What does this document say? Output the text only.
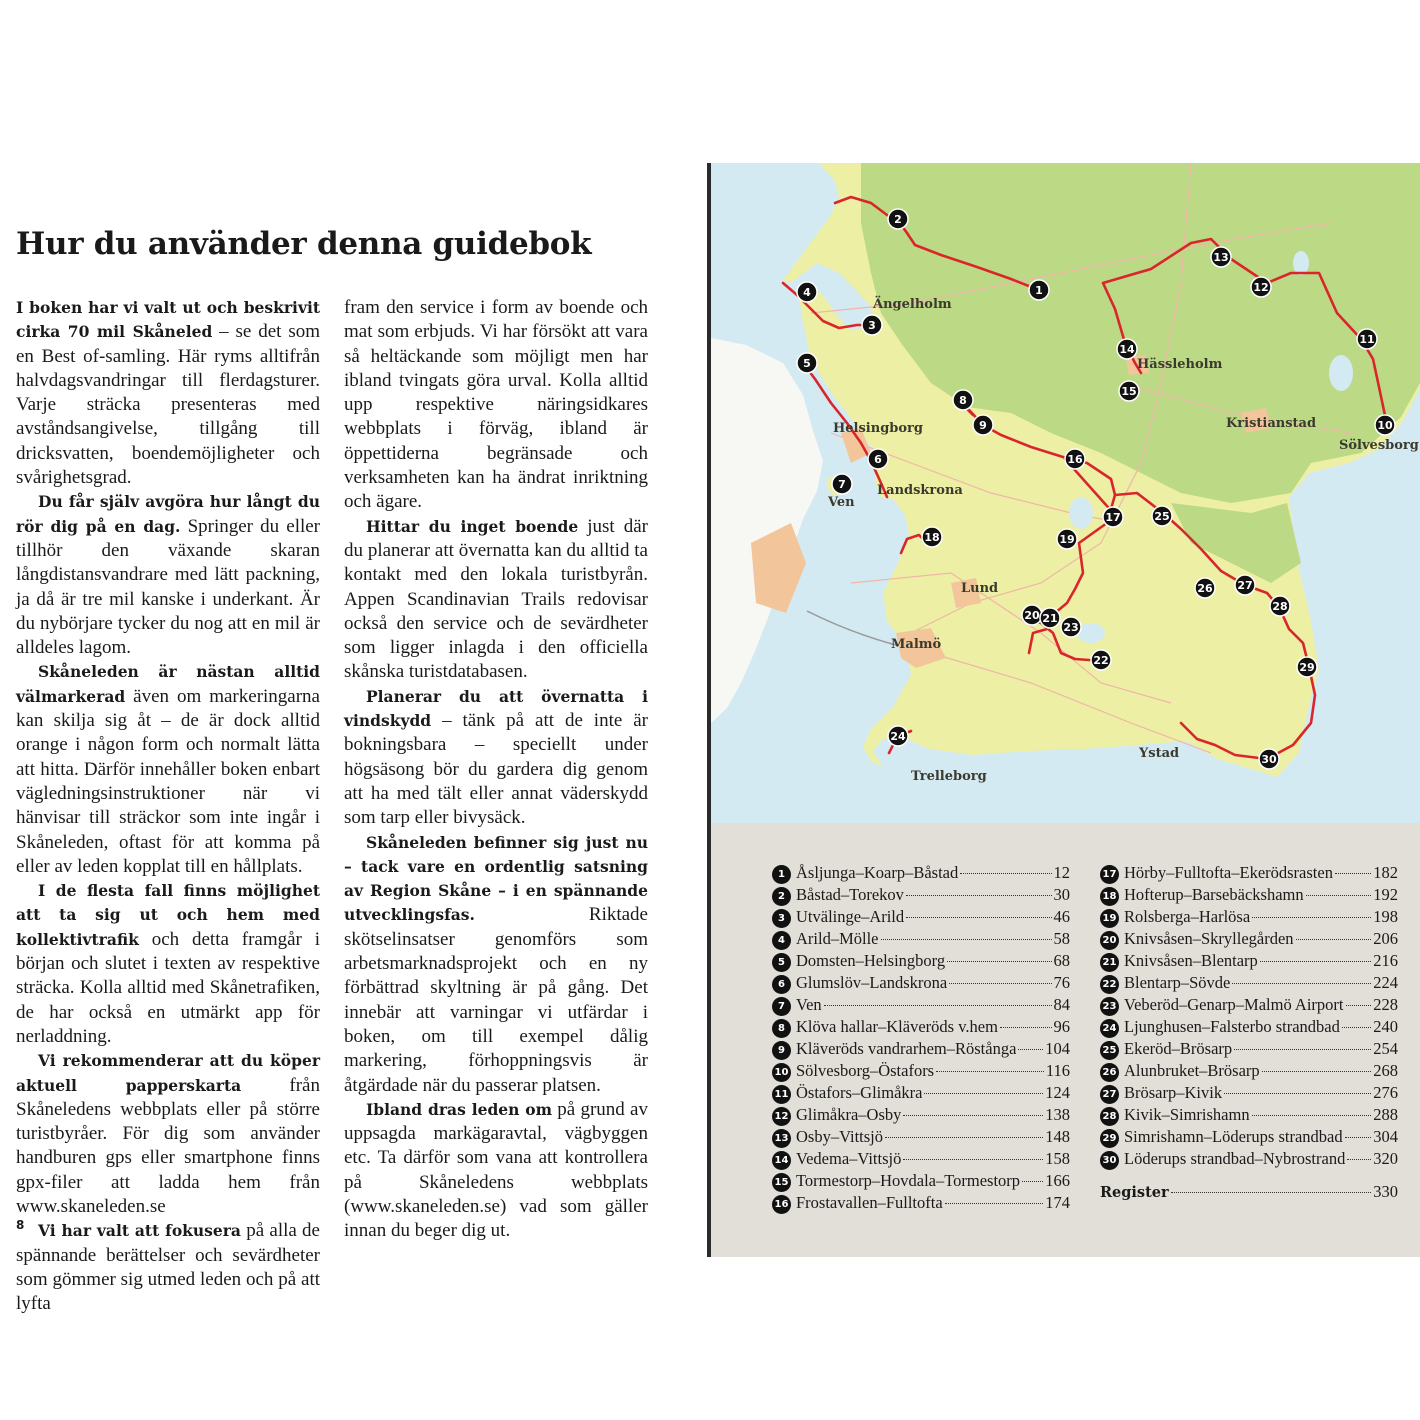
Hur du använder denna guidebok

I boken har vi valt ut och beskrivit cirka 70 mil Skåneled – se det som en Best of-samling. Här ryms alltifrån halvdagsvandringar till flerdagsturer. Varje sträcka presenteras med avståndsangivelse, tillgång till dricksvatten, boendemöjligheter och svårighetsgrad.

Du får själv avgöra hur långt du rör dig på en dag. Springer du eller tillhör den växande skaran långdistansvandrare med lätt packning, ja då är tre mil kanske i underkant. Är du nybörjare tycker du nog att en mil är alldeles lagom.

Skåneleden är nästan alltid välmarkerad även om markeringarna kan skilja sig åt – de är dock alltid orange i någon form och normalt lätta att hitta. Därför innehåller boken enbart vägledningsinstruktioner när vi hänvisar till sträckor som inte ingår i Skåneleden, oftast för att komma på eller av leden kopplat till en hållplats.

I de flesta fall finns möjlighet att ta sig ut och hem med kollektivtrafik och detta framgår i början och slutet i texten av respektive sträcka. Kolla alltid med Skånetrafiken, de har också en utmärkt app för nerladdning.

Vi rekommenderar att du köper aktuell papperskarta från Skåneledens webbplats eller på större turistbyråer. För dig som använder handburen gps eller smartphone finns gpx-filer att ladda hem från www.skaneleden.se

Vi har valt att fokusera på alla de spännande berättelser och sevärdheter som gömmer sig utmed leden och på att lyfta

fram den service i form av boende och mat som erbjuds. Vi har försökt att vara så heltäckande som möjligt men har ibland tvingats göra urval. Kolla alltid upp respektive näringsidkares webbplats i förväg, ibland är öppettiderna begränsade och verksamheten kan ha ändrat inriktning och ägare.

Hittar du inget boende just där du planerar att övernatta kan du alltid ta kontakt med den lokala turistbyrån. Appen Scandinavian Trails redovisar också den service och de sevärdheter som ligger inlagda i den officiella skånska turistdatabasen.

Planerar du att övernatta i vindskydd – tänk på att de inte är bokningsbara – speciellt under högsäsong bör du gardera dig genom att ha med tält eller annat väderskydd som tarp eller bivysäck.

Skåneleden befinner sig just nu – tack vare en ordentlig satsning av Region Skåne – i en spännande utvecklingsfas. Riktade skötselinsatser genomförs som arbetsmarknadsprojekt och en ny förbättrad skyltning är på gång. Det innebär att varningar vi utfärdar i boken, om till exempel dålig markering, förhoppningsvis är åtgärdade när du passerar platsen.

Ibland dras leden om på grund av uppsagda markägaravtal, vägbyggen etc. Ta därför som vana att kontrollera på Skåneledens webbplats (www.skaneleden.se) vad som gäller innan du beger dig ut.

8
Ängelholm
Hässleholm
Kristianstad
Sölvesborg
Helsingborg
Landskrona
Ven
Lund
Malmö
Ystad
Trelleborg
1
2
3
4
5
6
7
8
9	10
11
12
13
14
15
16
17
18	19
20 21
22
23
24
25
26 27
28
29
30
1 Åsljunga–Koarp–Båstad	12
2 Båstad–Torekov	30
3 Utvälinge–Arild	46
4 Arild–Mölle	58
5 Domsten–Helsingborg	68
6 Glumslöv–Landskrona	76
7 Ven	84
8 Klöva hallar–Kläveröds v.hem	96
9 Kläveröds vandrarhem–Röstånga 104
10 Sölvesborg–Östafors	116
11 Östafors–Glimåkra	124
12 Glimåkra–Osby	138
13 Osby–Vittsjö	148
14 Vedema–Vittsjö	158
15 Tormestorp–Hovdala–Tormestorp 166
16 Frostavallen–Fulltofta	174
17 Hörby–Fulltofta–Ekerödsrasten 182
18 Hofterup–Barsebäckshamn	192
19 Rolsberga–Harlösa	198
20 Knivsåsen–Skryllegården	206
21 Knivsåsen–Blentarp	216
22 Blentarp–Sövde	224
23 Veberöd–Genarp–Malmö Airport 228
24 Ljunghusen–Falsterbo strandbad 240
25 Ekeröd–Brösarp	254
26 Alunbruket–Brösarp	268
27 Brösarp–Kivik	276
28 Kivik–Simrishamn	288
29 Simrishamn–Löderups strandbad 304
30 Löderups strandbad–Nybrostrand 320
Register	330
